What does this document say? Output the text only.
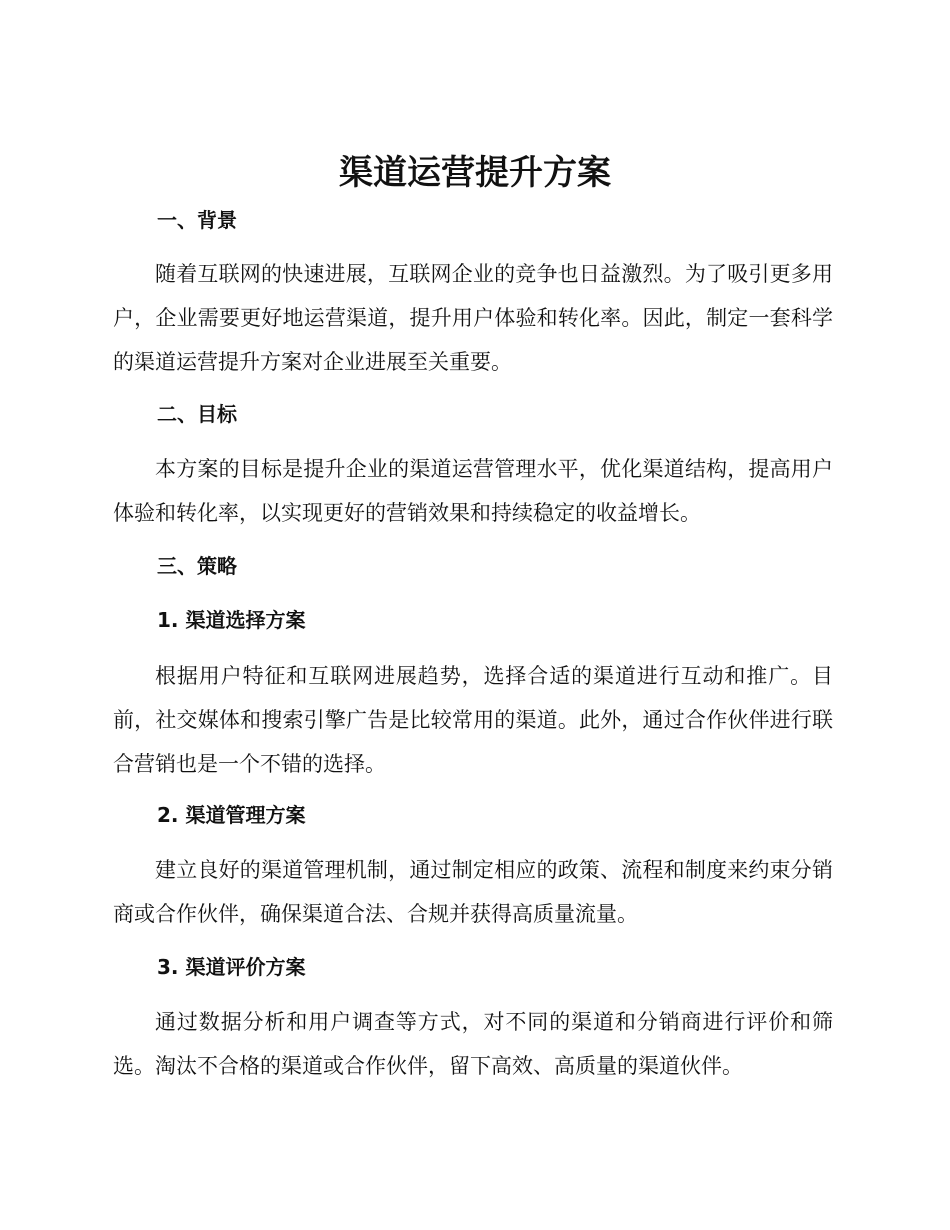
渠道运营提升方案
一、背景

随着互联网的快速进展，互联网企业的竞争也日益激烈。为了吸引更多用户，企业需要更好地运营渠道，提升用户体验和转化率。因此，制定一套科学的渠道运营提升方案对企业进展至关重要。

二、目标

本方案的目标是提升企业的渠道运营管理水平，优化渠道结构，提高用户体验和转化率，以实现更好的营销效果和持续稳定的收益增长。

三、策略
1. 渠道选择方案

根据用户特征和互联网进展趋势，选择合适的渠道进行互动和推广。目前，社交媒体和搜索引擎广告是比较常用的渠道。此外，通过合作伙伴进行联合营销也是一个不错的选择。

2. 渠道管理方案

建立良好的渠道管理机制，通过制定相应的政策、流程和制度来约束分销商或合作伙伴，确保渠道合法、合规并获得高质量流量。

3. 渠道评价方案

通过数据分析和用户调查等方式，对不同的渠道和分销商进行评价和筛选。淘汰不合格的渠道或合作伙伴，留下高效、高质量的渠道伙伴。
